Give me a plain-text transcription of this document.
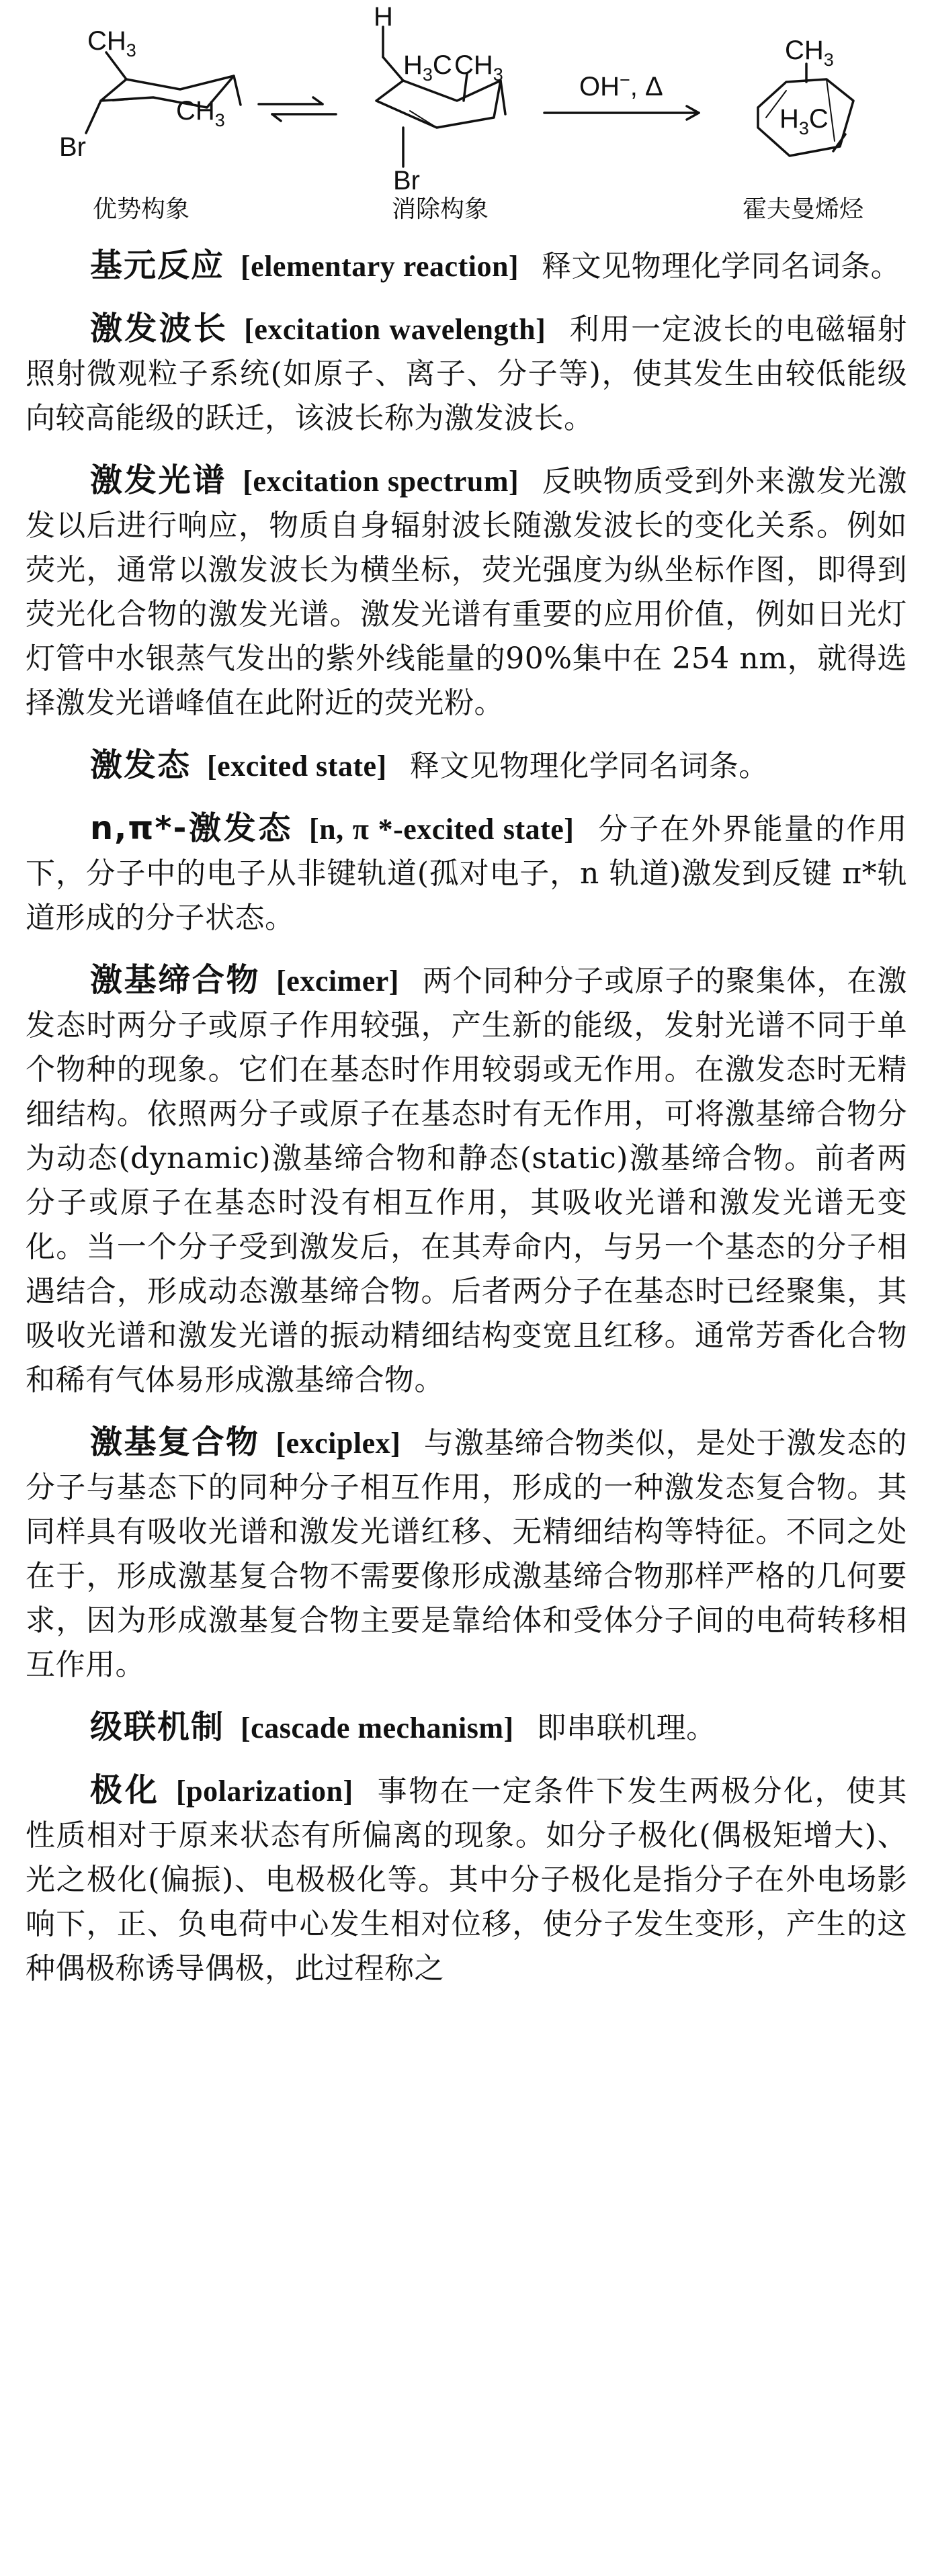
$CH_3$
$CH_3$
Br
H
$H_3C$ $CH_3$
Br
OH−, Δ
$CH_3$
$H_3C$
优势构象	消除构象	霍夫曼烯烃

基元反应 [elementary reaction] 释文见物理化学同名词条。

激发波长 [excitation wavelength] 利用一定波长的电磁辐射照射微观粒子系统(如原子、离子、分子等)，使其发生由较低能级向较高能级的跃迁，该波长称为激发波长。

激发光谱 [excitation spectrum] 反映物质受到外来激发光激发以后进行响应，物质自身辐射波长随激发波长的变化关系。例如荧光，通常以激发波长为横坐标，荧光强度为纵坐标作图，即得到荧光化合物的激发光谱。激发光谱有重要的应用价值，例如日光灯灯管中水银蒸气发出的紫外线能量的90%集中在 254 nm，就得选择激发光谱峰值在此附近的荧光粉。

激发态 [excited state] 释文见物理化学同名词条。

n,π*-激发态 [n, π *-excited state] 分子在外界能量的作用下，分子中的电子从非键轨道(孤对电子，n 轨道)激发到反键 π*轨道形成的分子状态。

激基缔合物 [excimer] 两个同种分子或原子的聚集体，在激发态时两分子或原子作用较强，产生新的能级，发射光谱不同于单个物种的现象。它们在基态时作用较弱或无作用。在激发态时无精细结构。依照两分子或原子在基态时有无作用，可将激基缔合物分为动态(dynamic)激基缔合物和静态(static)激基缔合物。前者两分子或原子在基态时没有相互作用，其吸收光谱和激发光谱无变化。当一个分子受到激发后，在其寿命内，与另一个基态的分子相遇结合，形成动态激基缔合物。后者两分子在基态时已经聚集，其吸收光谱和激发光谱的振动精细结构变宽且红移。通常芳香化合物和稀有气体易形成激基缔合物。

激基复合物 [exciplex] 与激基缔合物类似，是处于激发态的分子与基态下的同种分子相互作用，形成的一种激发态复合物。其同样具有吸收光谱和激发光谱红移、无精细结构等特征。不同之处在于，形成激基复合物不需要像形成激基缔合物那样严格的几何要求，因为形成激基复合物主要是靠给体和受体分子间的电荷转移相互作用。

级联机制 [cascade mechanism] 即串联机理。

极化 [polarization] 事物在一定条件下发生两极分化，使其性质相对于原来状态有所偏离的现象。如分子极化(偶极矩增大)、光之极化(偏振)、电极极化等。其中分子极化是指分子在外电场影响下，正、负电荷中心发生相对位移，使分子发生变形，产生的这种偶极称诱导偶极，此过程称之
